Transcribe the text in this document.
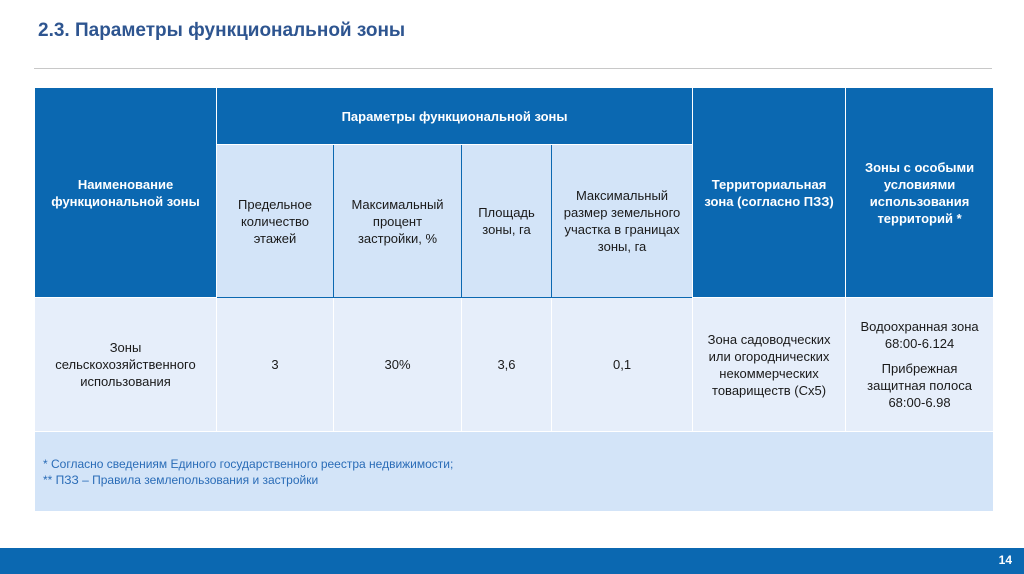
2.3. Параметры функциональной зоны
Наименование функциональной зоны	Параметры функциональной зоны				Территориальная зона (согласно ПЗЗ)	Зоны с особыми условиями использования территорий *
	Предельное количество этажей	Максимальный процент застройки, %	Площадь зоны, га	Максимальный размер земельного участка в границах зоны, га		
Зоны сельскохозяйственного использования	3	30%	3,6	0,1	Зона садоводческих или огороднических некоммерческих товариществ (Сх5)	Водоохранная зона
68:00-6.124
Прибрежная защитная полоса
68:00-6.98

* Согласно сведениям Единого государственного реестра недвижимости;
** ПЗЗ – Правила землепользования и застройки						
14
